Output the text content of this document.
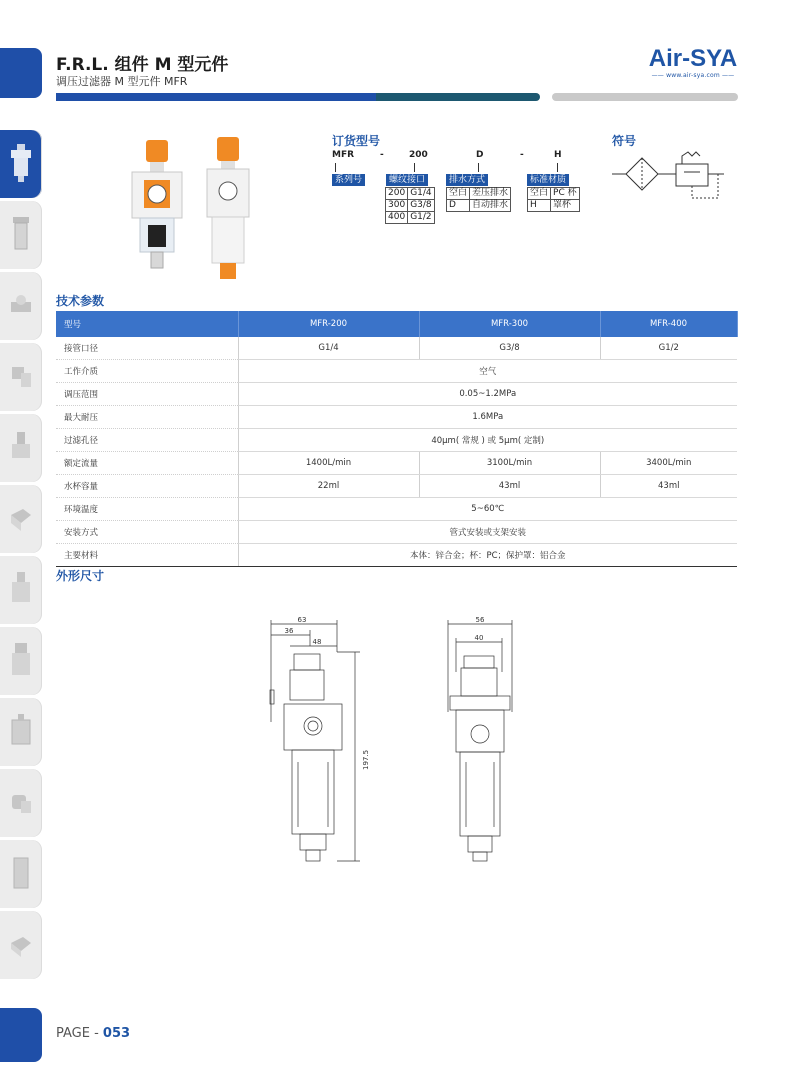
F.R.L. 组件 M 型元件
调压过滤器 M 型元件 MFR
Air-SYA
—— www.air-sya.com ——
订货型号
MFR	-	200	D	-	H
系列号	螺纹接口	排水方式	标准材质
200	G1/4
300	G3/8
400	G1/2
空白	差压排水
D	自动排水
空白	PC 杯
H	罩杯
符号
技术参数
型号	MFR-200	MFR-300	MFR-400
接管口径	G1/4	G3/8	G1/2
工作介质	空气		
调压范围	0.05~1.2MPa		
最大耐压	1.6MPa		
过滤孔径	40μm( 常规 ) 或 5μm( 定制)		
额定流量	1400L/min	3100L/min	3400L/min
水杯容量	22ml	43ml	43ml
环境温度	5~60℃		
安装方式	管式安装或支架安装		
主要材料	本体：锌合金；杯：PC；保护罩：铝合金		
外形尺寸
63
36
48
197.5
56
40
PAGE - 053
